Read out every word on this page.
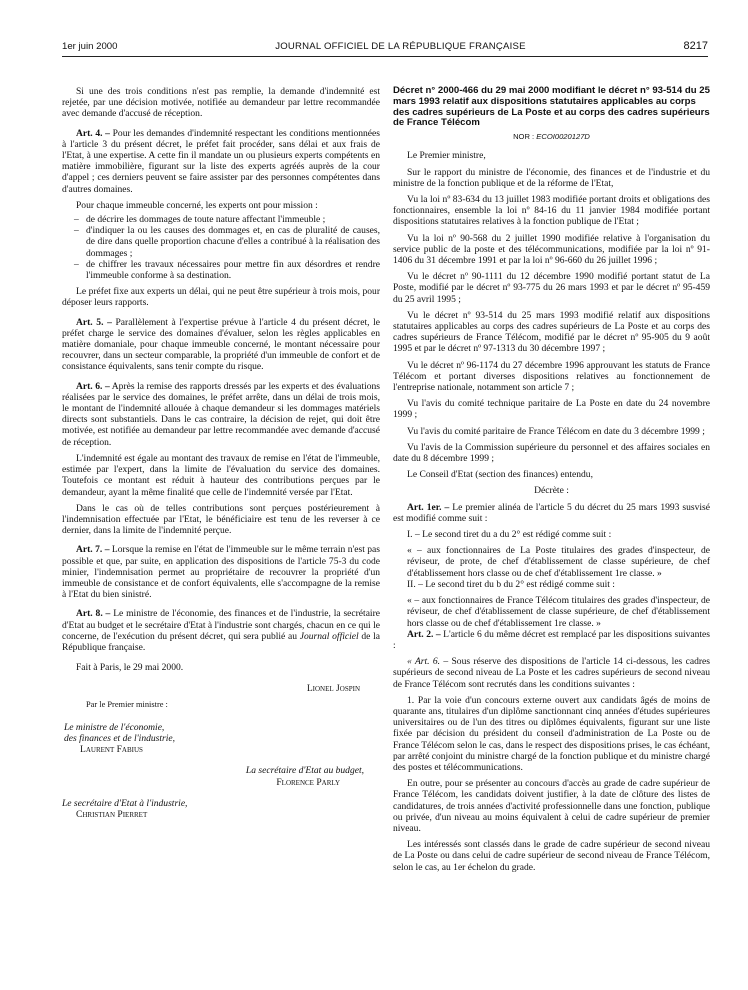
1er juin 2000	JOURNAL OFFICIEL DE LA RÉPUBLIQUE FRANÇAISE	8217

Si une des trois conditions n'est pas remplie, la demande d'indemnité est rejetée, par une décision motivée, notifiée au demandeur par lettre recommandée avec demande d'accusé de réception.

Art. 4. – Pour les demandes d'indemnité respectant les conditions mentionnées à l'article 3 du présent décret, le préfet fait procéder, sans délai et aux frais de l'Etat, à une expertise. A cette fin il mandate un ou plusieurs experts compétents en matière immobilière, figurant sur la liste des experts agréés auprès de la cour d'appel ; ces derniers peuvent se faire assister par des personnes compétentes dans d'autres domaines.

Pour chaque immeuble concerné, les experts ont pour mission :

– de décrire les dommages de toute nature affectant l'immeuble ;
– d'indiquer la ou les causes des dommages et, en cas de pluralité de causes, de dire dans quelle proportion chacune d'elles a contribué à la réalisation des dommages ;
– de chiffrer les travaux nécessaires pour mettre fin aux désordres et rendre l'immeuble conforme à sa destination.

Le préfet fixe aux experts un délai, qui ne peut être supérieur à trois mois, pour déposer leurs rapports.

Art. 5. – Parallèlement à l'expertise prévue à l'article 4 du présent décret, le préfet charge le service des domaines d'évaluer, selon les règles applicables en matière domaniale, pour chaque immeuble concerné, le montant nécessaire pour recouvrer, dans un secteur comparable, la propriété d'un immeuble de confort et de consistance équivalents, sans tenir compte du risque.

Art. 6. – Après la remise des rapports dressés par les experts et des évaluations réalisées par le service des domaines, le préfet arrête, dans un délai de trois mois, le montant de l'indemnité allouée à chaque demandeur si les dommages matériels directs sont substantiels. Dans le cas contraire, la décision de rejet, qui doit être motivée, est notifiée au demandeur par lettre recommandée avec demande d'accusé de réception.

L'indemnité est égale au montant des travaux de remise en l'état de l'immeuble, estimée par l'expert, dans la limite de l'évaluation du service des domaines. Toutefois ce montant est réduit à hauteur des contributions perçues par le demandeur, ayant la même finalité que celle de l'indemnité versée par l'Etat.

Dans le cas où de telles contributions sont perçues postérieurement à l'indemnisation effectuée par l'Etat, le bénéficiaire est tenu de les reverser à ce dernier, dans la limite de l'indemnité perçue.

Art. 7. – Lorsque la remise en l'état de l'immeuble sur le même terrain n'est pas possible et que, par suite, en application des dispositions de l'article 75-3 du code minier, l'indemnisation permet au propriétaire de recouvrer la propriété d'un immeuble de consistance et de confort équivalents, elle s'accompagne de la remise à l'Etat du bien sinistré.

Art. 8. – Le ministre de l'économie, des finances et de l'industrie, la secrétaire d'Etat au budget et le secrétaire d'Etat à l'industrie sont chargés, chacun en ce qui le concerne, de l'exécution du présent décret, qui sera publié au Journal officiel de la République française.

Fait à Paris, le 29 mai 2000.

Lionel Jospin

Par le Premier ministre :

Le ministre de l'économie,

des finances et de l'industrie,

Laurent Fabius

La secrétaire d'Etat au budget,

Florence Parly

Le secrétaire d'Etat à l'industrie,

Christian Pierret

Décret n° 2000-466 du 29 mai 2000 modifiant le décret n° 93-514 du 25 mars 1993 relatif aux dispositions statutaires applicables au corps des cadres supérieurs de La Poste et au corps des cadres supérieurs de France Télécom

NOR : ECOI0020127D

Le Premier ministre,

Sur le rapport du ministre de l'économie, des finances et de l'industrie et du ministre de la fonction publique et de la réforme de l'Etat,

Vu la loi nº 83-634 du 13 juillet 1983 modifiée portant droits et obligations des fonctionnaires, ensemble la loi nº 84-16 du 11 janvier 1984 modifiée portant dispositions statutaires relatives à la fonction publique de l'Etat ;

Vu la loi nº 90-568 du 2 juillet 1990 modifiée relative à l'organisation du service public de la poste et des télécommunications, modifiée par la loi nº 91-1406 du 31 décembre 1991 et par la loi nº 96-660 du 26 juillet 1996 ;

Vu le décret nº 90-1111 du 12 décembre 1990 modifié portant statut de La Poste, modifié par le décret nº 93-775 du 26 mars 1993 et par le décret nº 95-459 du 25 avril 1995 ;

Vu le décret nº 93-514 du 25 mars 1993 modifié relatif aux dispositions statutaires applicables au corps des cadres supérieurs de La Poste et au corps des cadres supérieurs de France Télécom, modifié par le décret nº 95-905 du 9 août 1995 et par le décret nº 97-1313 du 30 décembre 1997 ;

Vu le décret nº 96-1174 du 27 décembre 1996 approuvant les statuts de France Télécom et portant diverses dispositions relatives au fonctionnement de l'entreprise nationale, notamment son article 7 ;

Vu l'avis du comité technique paritaire de La Poste en date du 24 novembre 1999 ;

Vu l'avis du comité paritaire de France Télécom en date du 3 décembre 1999 ;

Vu l'avis de la Commission supérieure du personnel et des affaires sociales en date du 8 décembre 1999 ;

Le Conseil d'Etat (section des finances) entendu,

Décrète :

Art. 1er. – Le premier alinéa de l'article 5 du décret du 25 mars 1993 susvisé est modifié comme suit :

I. – Le second tiret du a du 2° est rédigé comme suit :

« – aux fonctionnaires de La Poste titulaires des grades d'inspecteur, de réviseur, de prote, de chef d'établissement de classe supérieure, de chef d'établissement hors classe ou de chef d'établissement 1re classe. »

II. – Le second tiret du b du 2° est rédigé comme suit :

« – aux fonctionnaires de France Télécom titulaires des grades d'inspecteur, de réviseur, de chef d'établissement de classe supérieure, de chef d'établissement hors classe ou de chef d'établissement 1re classe. »

Art. 2. – L'article 6 du même décret est remplacé par les dispositions suivantes :

« Art. 6. – Sous réserve des dispositions de l'article 14 ci-dessous, les cadres supérieurs de second niveau de La Poste et les cadres supérieurs de second niveau de France Télécom sont recrutés dans les conditions suivantes :

1. Par la voie d'un concours externe ouvert aux candidats âgés de moins de quarante ans, titulaires d'un diplôme sanctionnant cinq années d'études supérieures universitaires ou de l'un des titres ou diplômes équivalents, figurant sur une liste fixée par décision du président du conseil d'administration de La Poste ou de France Télécom selon le cas, dans le respect des dispositions prises, le cas échéant, par arrêté conjoint du ministre chargé de la fonction publique et du ministre chargé des postes et télécommunications.

En outre, pour se présenter au concours d'accès au grade de cadre supérieur de France Télécom, les candidats doivent justifier, à la date de clôture des listes de candidatures, de trois années d'activité professionnelle dans une fonction, publique ou privée, d'un niveau au moins équivalent à celui de cadre supérieur de premier niveau.

Les intéressés sont classés dans le grade de cadre supérieur de second niveau de La Poste ou dans celui de cadre supérieur de second niveau de France Télécom, selon le cas, au 1er échelon du grade.
